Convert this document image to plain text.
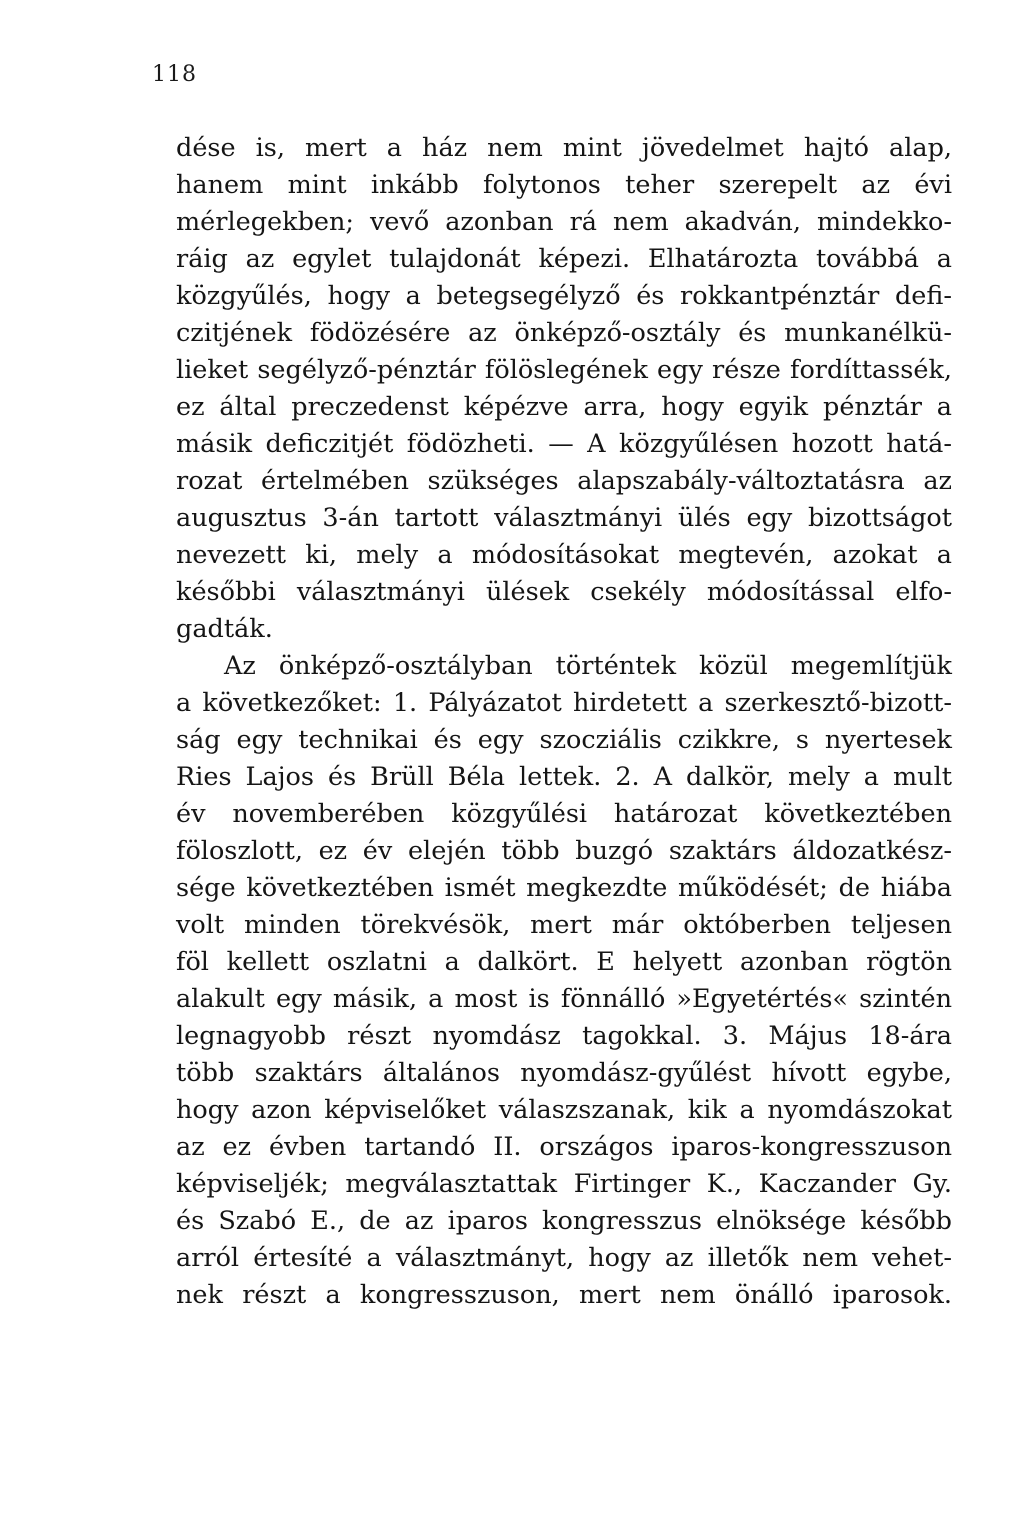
118
dése is, mert a ház nem mint jövedelmet hajtó alap,
hanem mint inkább folytonos teher szerepelt az évi
mérlegekben; vevő azonban rá nem akadván, mindekko-
ráig az egylet tulajdonát képezi. Elhatározta továbbá a
közgyűlés, hogy a betegsegélyző és rokkantpénztár defi-
czitjének födözésére az önképző-osztály és munkanélkü-
lieket segélyző-pénztár fölöslegének egy része fordíttassék,
ez által preczedenst képézve arra, hogy egyik pénztár a
másik deficzitjét födözheti. — A közgyűlésen hozott hatá-
rozat értelmében szükséges alapszabály-változtatásra az
augusztus 3-án tartott választmányi ülés egy bizottságot
nevezett ki, mely a módosításokat megtevén, azokat a
későbbi választmányi ülések csekély módosítással elfo-
gadták.
Az önképző-osztályban történtek közül megemlítjük
a következőket: 1. Pályázatot hirdetett a szerkesztő-bizott-
ság egy technikai és egy szocziális czikkre, s nyertesek
Ries Lajos és Brüll Béla lettek. 2. A dalkör, mely a mult
év novemberében közgyűlési határozat következtében
föloszlott, ez év elején több buzgó szaktárs áldozatkész-
sége következtében ismét megkezdte működését; de hiába
volt minden törekvésök, mert már októberben teljesen
föl kellett oszlatni a dalkört. E helyett azonban rögtön
alakult egy másik, a most is fönnálló »Egyetértés« szintén
legnagyobb részt nyomdász tagokkal. 3. Május 18-ára
több szaktárs általános nyomdász-gyűlést hívott egybe,
hogy azon képviselőket válaszszanak, kik a nyomdászokat
az ez évben tartandó II. országos iparos-kongresszuson
képviseljék; megválasztattak Firtinger K., Kaczander Gy.
és Szabó E., de az iparos kongresszus elnöksége később
arról értesíté a választmányt, hogy az illetők nem vehet-
nek részt a kongresszuson, mert nem önálló iparosok.
